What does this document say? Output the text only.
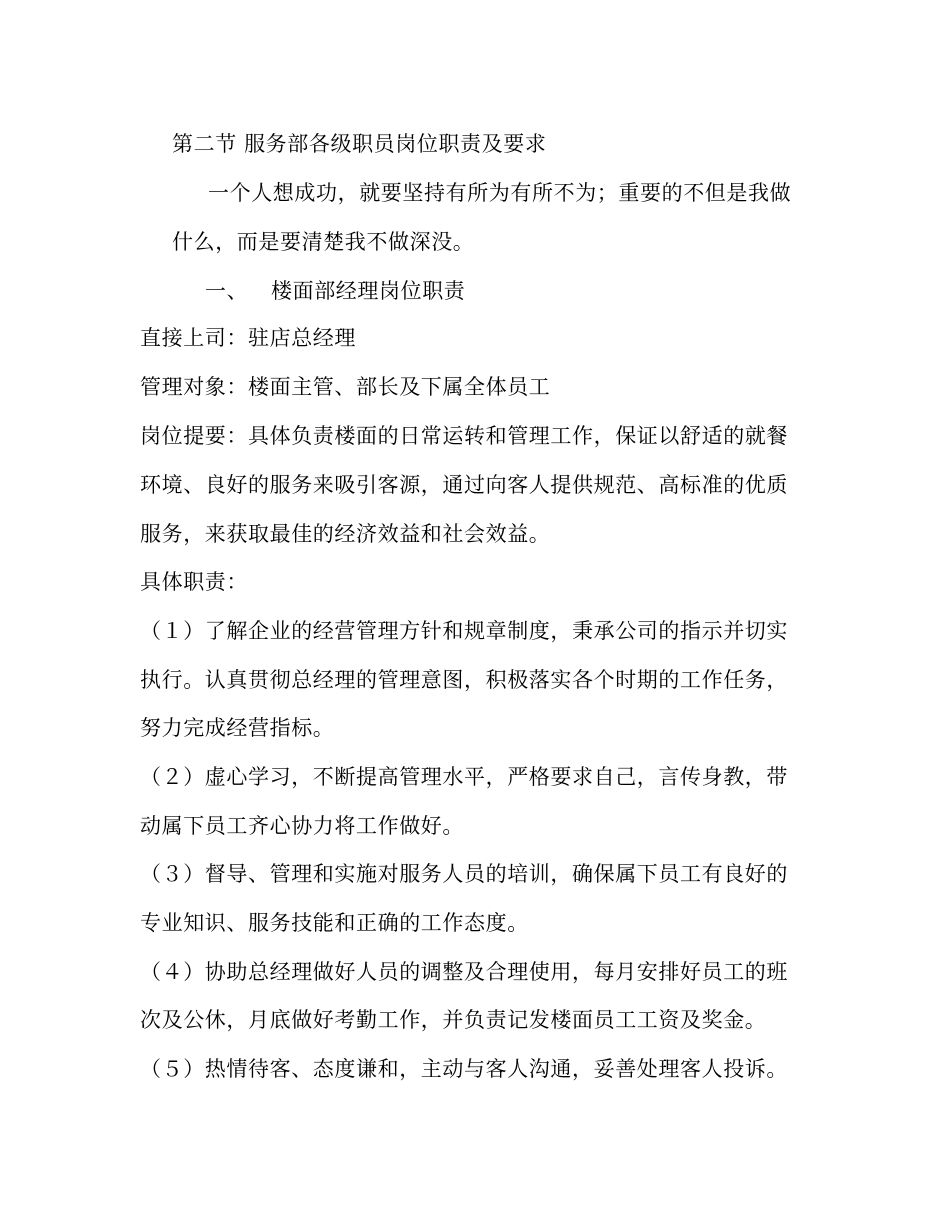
第二节 服务部各级职员岗位职责及要求
一个人想成功，就要坚持有所为有所不为；重要的不但是我做
什么，而是要清楚我不做深没。
一、 楼面部经理岗位职责
直接上司：驻店总经理
管理对象：楼面主管、部长及下属全体员工
岗位提要：具体负责楼面的日常运转和管理工作，保证以舒适的就餐
环境、良好的服务来吸引客源，通过向客人提供规范、高标准的优质
服务，来获取最佳的经济效益和社会效益。
具体职责：
（１）了解企业的经营管理方针和规章制度，秉承公司的指示并切实
执行。认真贯彻总经理的管理意图，积极落实各个时期的工作任务，
努力完成经营指标。
（２）虚心学习，不断提高管理水平，严格要求自己，言传身教，带
动属下员工齐心协力将工作做好。
（３）督导、管理和实施对服务人员的培训，确保属下员工有良好的
专业知识、服务技能和正确的工作态度。
（４）协助总经理做好人员的调整及合理使用，每月安排好员工的班
次及公休，月底做好考勤工作，并负责记发楼面员工工资及奖金。
（５）热情待客、态度谦和，主动与客人沟通，妥善处理客人投诉。
